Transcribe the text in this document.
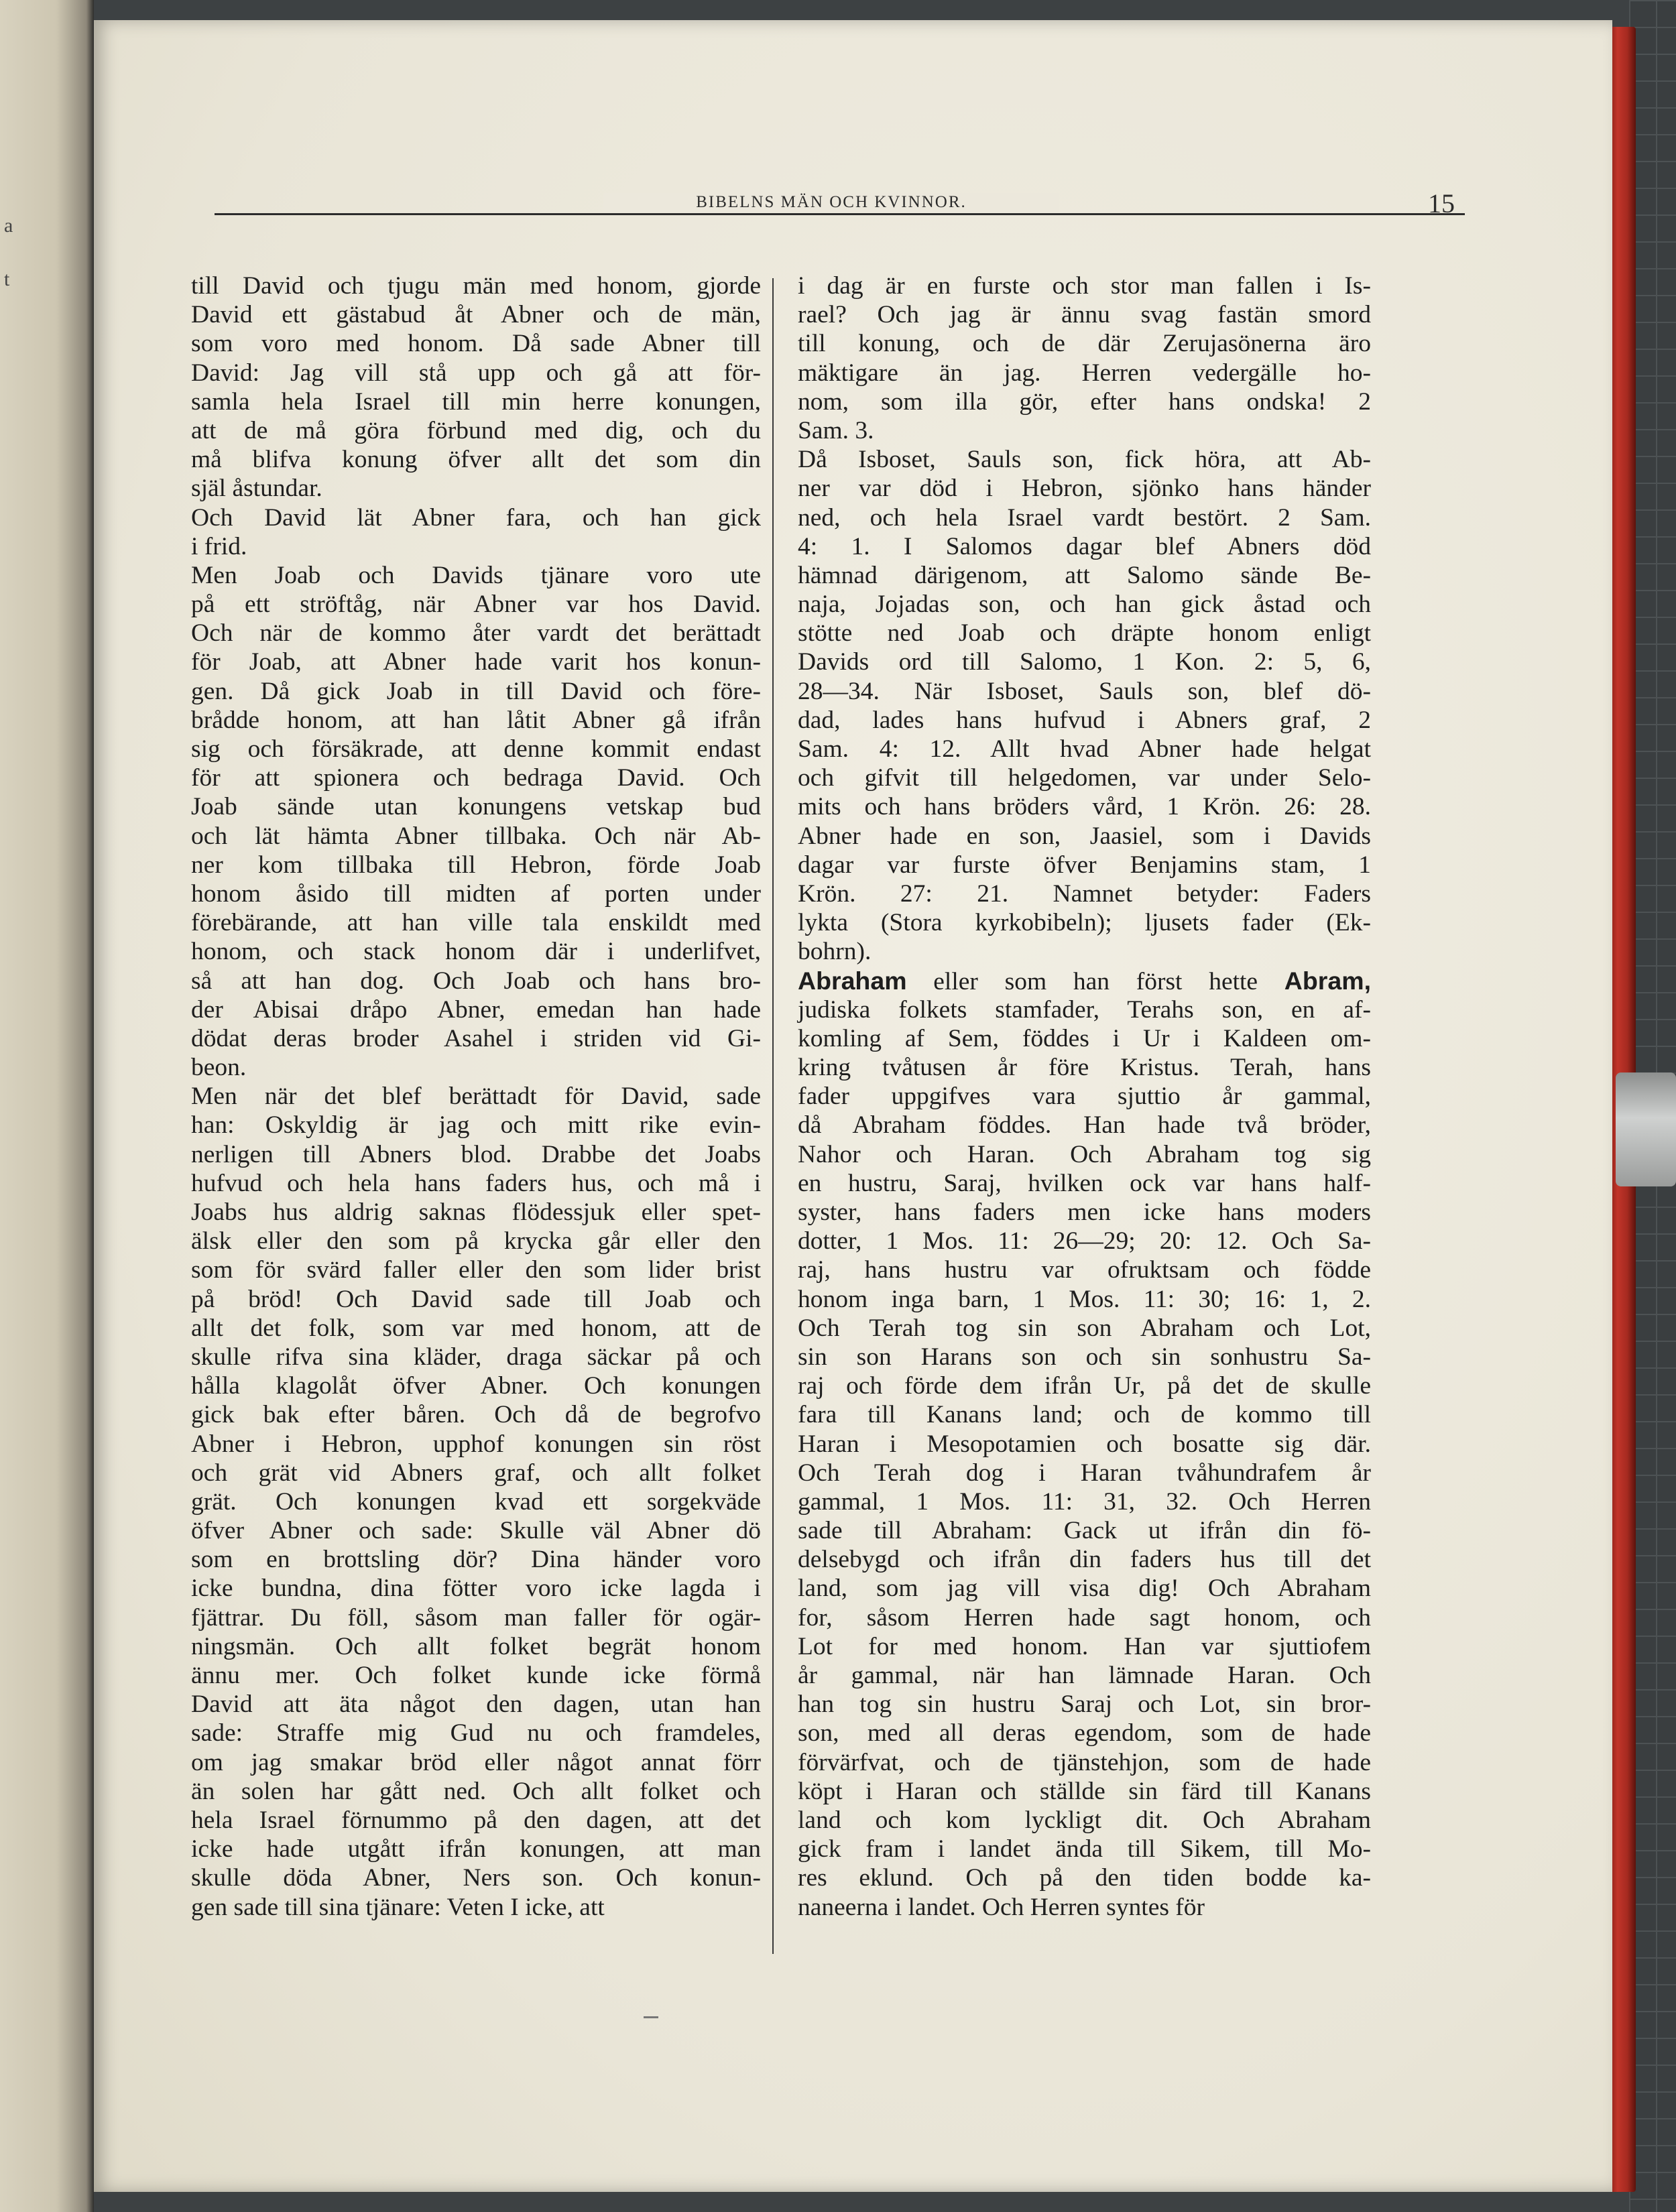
a
t
BIBELNS MÄN OCH KVINNOR.	15
till David och tjugu män med honom, gjorde
David ett gästabud åt Abner och de män,
som voro med honom. Då sade Abner till
David: Jag vill stå upp och gå att för-
samla hela Israel till min herre konungen,
att de må göra förbund med dig, och du
må blifva konung öfver allt det som din
själ åstundar.
Och David lät Abner fara, och han gick
i frid.
Men Joab och Davids tjänare voro ute
på ett ströftåg, när Abner var hos David.
Och när de kommo åter vardt det berättadt
för Joab, att Abner hade varit hos konun-
gen. Då gick Joab in till David och före-
brådde honom, att han låtit Abner gå ifrån
sig och försäkrade, att denne kommit endast
för att spionera och bedraga David. Och
Joab sände utan konungens vetskap bud
och lät hämta Abner tillbaka. Och när Ab-
ner kom tillbaka till Hebron, förde Joab
honom åsido till midten af porten under
förebärande, att han ville tala enskildt med
honom, och stack honom där i underlifvet,
så att han dog. Och Joab och hans bro-
der Abisai dråpo Abner, emedan han hade
dödat deras broder Asahel i striden vid Gi-
beon.
Men när det blef berättadt för David, sade
han: Oskyldig är jag och mitt rike evin-
nerligen till Abners blod. Drabbe det Joabs
hufvud och hela hans faders hus, och må i
Joabs hus aldrig saknas flödessjuk eller spet-
älsk eller den som på krycka går eller den
som för svärd faller eller den som lider brist
på bröd! Och David sade till Joab och
allt det folk, som var med honom, att de
skulle rifva sina kläder, draga säckar på och
hålla klagolåt öfver Abner. Och konungen
gick bak efter båren. Och då de begrofvo
Abner i Hebron, upphof konungen sin röst
och grät vid Abners graf, och allt folket
grät. Och konungen kvad ett sorgekväde
öfver Abner och sade: Skulle väl Abner dö
som en brottsling dör? Dina händer voro
icke bundna, dina fötter voro icke lagda i
fjättrar. Du föll, såsom man faller för ogär-
ningsmän. Och allt folket begrät honom
ännu mer. Och folket kunde icke förmå
David att äta något den dagen, utan han
sade: Straffe mig Gud nu och framdeles,
om jag smakar bröd eller något annat förr
än solen har gått ned. Och allt folket och
hela Israel förnummo på den dagen, att det
icke hade utgått ifrån konungen, att man
skulle döda Abner, Ners son. Och konun-
gen sade till sina tjänare: Veten I icke, att
i dag är en furste och stor man fallen i Is-
rael? Och jag är ännu svag fastän smord
till konung, och de där Zerujasönerna äro
mäktigare än jag. Herren vedergälle ho-
nom, som illa gör, efter hans ondska! 2
Sam. 3.
Då Isboset, Sauls son, fick höra, att Ab-
ner var död i Hebron, sjönko hans händer
ned, och hela Israel vardt bestört. 2 Sam.
4: 1. I Salomos dagar blef Abners död
hämnad därigenom, att Salomo sände Be-
naja, Jojadas son, och han gick åstad och
stötte ned Joab och dräpte honom enligt
Davids ord till Salomo, 1 Kon. 2: 5, 6,
28—34. När Isboset, Sauls son, blef dö-
dad, lades hans hufvud i Abners graf, 2
Sam. 4: 12. Allt hvad Abner hade helgat
och gifvit till helgedomen, var under Selo-
mits och hans bröders vård, 1 Krön. 26: 28.
Abner hade en son, Jaasiel, som i Davids
dagar var furste öfver Benjamins stam, 1
Krön. 27: 21. Namnet betyder: Faders
lykta (Stora kyrkobibeln); ljusets fader (Ek-
bohrn).
Abraham eller som han först hette Abram,
judiska folkets stamfader, Terahs son, en af-
komling af Sem, föddes i Ur i Kaldeen om-
kring tvåtusen år före Kristus. Terah, hans
fader uppgifves vara sjuttio år gammal,
då Abraham föddes. Han hade två bröder,
Nahor och Haran. Och Abraham tog sig
en hustru, Saraj, hvilken ock var hans half-
syster, hans faders men icke hans moders
dotter, 1 Mos. 11: 26—29; 20: 12. Och Sa-
raj, hans hustru var ofruktsam och födde
honom inga barn, 1 Mos. 11: 30; 16: 1, 2.
Och Terah tog sin son Abraham och Lot,
sin son Harans son och sin sonhustru Sa-
raj och förde dem ifrån Ur, på det de skulle
fara till Kanans land; och de kommo till
Haran i Mesopotamien och bosatte sig där.
Och Terah dog i Haran tvåhundrafem år
gammal, 1 Mos. 11: 31, 32. Och Herren
sade till Abraham: Gack ut ifrån din fö-
delsebygd och ifrån din faders hus till det
land, som jag vill visa dig! Och Abraham
for, såsom Herren hade sagt honom, och
Lot for med honom. Han var sjuttiofem
år gammal, när han lämnade Haran. Och
han tog sin hustru Saraj och Lot, sin bror-
son, med all deras egendom, som de hade
förvärfvat, och de tjänstehjon, som de hade
köpt i Haran och ställde sin färd till Kanans
land och kom lyckligt dit. Och Abraham
gick fram i landet ända till Sikem, till Mo-
res eklund. Och på den tiden bodde ka-
naneerna i landet. Och Herren syntes för
